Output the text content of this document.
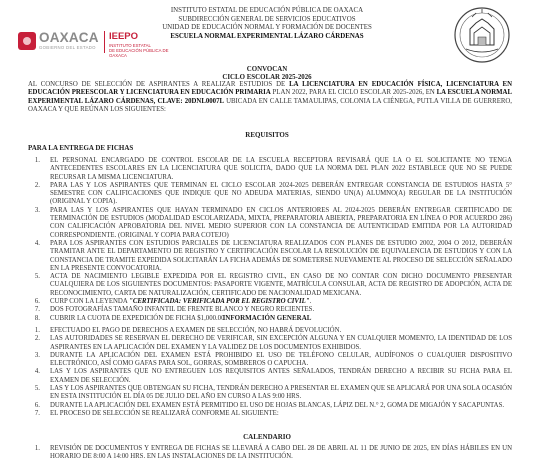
OAXACA
GOBIERNO DEL ESTADO
IEEPO
INSTITUTO ESTATAL
DE EDUCACIÓN PÚBLICA DE OAXACA
INSTITUTO ESTATAL DE EDUCACIÓN PÚBLICA DE OAXACA
SUBDIRECCIÓN GENERAL DE SERVICIOS EDUCATIVOS
UNIDAD DE EDUCACIÓN NORMAL Y FORMACIÓN DE DOCENTES
ESCUELA NORMAL EXPERIMENTAL LÁZARO CÁRDENAS
CONVOCAN
CICLO ESCOLAR 2025-2026
AL CONCURSO DE SELECCIÓN DE ASPIRANTES A REALIZAR ESTUDIOS DE LA LICENCIATURA EN EDUCACIÓN FÍSICA, LICENCIATURA EN EDUCACIÓN PREESCOLAR Y LICENCIATURA EN EDUCACIÓN PRIMARIA PLAN 2022, PARA EL CICLO ESCOLAR 2025-2026, EN LA ESCUELA NORMAL EXPERIMENTAL LÁZARO CÁRDENAS, CLAVE: 20DNL0007L UBICADA EN CALLE TAMAULIPAS, COLONIA LA CIÉNEGA, PUTLA VILLA DE GUERRERO, OAXACA Y QUE REÚNAN LOS SIGUIENTES:
REQUISITOS
PARA LA ENTREGA DE FICHAS
1. EL PERSONAL ENCARGADO DE CONTROL ESCOLAR DE LA ESCUELA RECEPTORA REVISARÁ QUE LA O EL SOLICITANTE NO TENGA ANTECEDENTES ESCOLARES EN LA LICENCIATURA QUE SOLICITA, DADO QUE LA NORMA DEL PLAN 2022 ESTABLECE QUE NO SE PUEDE RECURSAR LA MISMA LICENCIATURA.
2. PARA LAS Y LOS ASPIRANTES QUE TERMINAN EL CICLO ESCOLAR 2024-2025 DEBERÁN ENTREGAR CONSTANCIA DE ESTUDIOS HASTA 5° SEMESTRE CON CALIFICACIONES QUE INDIQUE QUE NO ADEUDA MATERIAS, SIENDO UN(A) ALUMNO(A) REGULAR DE LA INSTITUCIÓN (ORIGINAL Y COPIA).
3. PARA LAS Y LOS ASPIRANTES QUE HAYAN TERMINADO EN CICLOS ANTERIORES AL 2024-2025 DEBERÁN ENTREGAR CERTIFICADO DE TERMINACIÓN DE ESTUDIOS (MODALIDAD ESCOLARIZADA, MIXTA, PREPARATORIA ABIERTA, PREPARATORIA EN LÍNEA O POR ACUERDO 286) CON CALIFICACIÓN APROBATORIA DEL NIVEL MEDIO SUPERIOR CON LA CONSTANCIA DE AUTENTICIDAD EMITIDA POR LA AUTORIDAD CORRESPONDIENTE. (ORIGINAL Y COPIA PARA COTEJO)
4. PARA LOS ASPIRANTES CON ESTUDIOS PARCIALES DE LICENCIATURA REALIZADOS CON PLANES DE ESTUDIO 2002, 2004 O 2012, DEBERÁN TRAMITAR ANTE EL DEPARTAMENTO DE REGISTRO Y CERTIFICACIÓN ESCOLAR LA RESOLUCIÓN DE EQUIVALENCIA DE ESTUDIOS Y CON LA CONSTANCIA DE TRAMITE EXPEDIDA SOLICITARÁN LA FICHA ADEMÁS DE SOMETERSE NUEVAMENTE AL PROCESO DE SELECCIÓN SEÑALADO EN LA PRESENTE CONVOCATORIA.
5. ACTA DE NACIMIENTO LEGIBLE EXPEDIDA POR EL REGISTRO CIVIL, EN CASO DE NO CONTAR CON DICHO DOCUMENTO PRESENTAR CUALQUIERA DE LOS SIGUIENTES DOCUMENTOS: PASAPORTE VIGENTE, MATRÍCULA CONSULAR, ACTA DE REGISTRO DE ADOPCIÓN, ACTA DE RECONOCIMIENTO, CARTA DE NATURALIZACIÓN, CERTIFICADO DE NACIONALIDAD MEXICANA.
6. CURP CON LA LEYENDA "CERTIFICADA: VERIFICADA POR EL REGISTRO CIVIL".
7. DOS FOTOGRAFÍAS TAMAÑO INFANTIL DE FRENTE BLANCO Y NEGRO RECIENTES.
8. CUBRIR LA CUOTA DE EXPEDICIÓN DE FICHA $1,000.00
INFORMACIÓN GENERAL
1. EFECTUADO EL PAGO DE DERECHOS A EXAMEN DE SELECCIÓN, NO HABRÁ DEVOLUCIÓN.
2. LAS AUTORIDADES SE RESERVAN EL DERECHO DE VERIFICAR, SIN EXCEPCIÓN ALGUNA Y EN CUALQUIER MOMENTO, LA IDENTIDAD DE LOS ASPIRANTES EN LA APLICACIÓN DEL EXAMEN Y LA VALIDEZ DE LOS DOCUMENTOS EXHIBIDOS.
3. DURANTE LA APLICACIÓN DEL EXAMEN ESTÁ PROHIBIDO EL USO DE TELÉFONO CELULAR, AUDÍFONOS O CUALQUIER DISPOSITIVO ELECTRÓNICO, ASÍ COMO GAFAS PARA SOL, GORRAS, SOMBREROS O CAPUCHA.
4. LAS Y LOS ASPIRANTES QUE NO ENTREGUEN LOS REQUISITOS ANTES SEÑALADOS, TENDRÁN DERECHO A RECIBIR SU FICHA PARA EL EXAMEN DE SELECCIÓN.
5. LAS Y LOS ASPIRANTES QUE OBTENGAN SU FICHA, TENDRÁN DERECHO A PRESENTAR EL EXAMEN QUE SE APLICARÁ POR UNA SOLA OCASIÓN EN ESTA INSTITUCIÓN EL DÍA 05 DE JULIO DEL AÑO EN CURSO A LAS 9:00 HRS.
6. DURANTE LA APLICACIÓN DEL EXAMEN ESTÁ PERMITIDO EL USO DE HOJAS BLANCAS, LÁPIZ DEL N.° 2, GOMA DE MIGAJÓN Y SACAPUNTAS.
7. EL PROCESO DE SELECCIÓN SE REALIZARÁ CONFORME AL SIGUIENTE:
CALENDARIO
1. REVISIÓN DE DOCUMENTOS Y ENTREGA DE FICHAS SE LLEVARÁ A CABO DEL 28 DE ABRIL AL 11 DE JUNIO DE 2025, EN DÍAS HÁBILES EN UN HORARIO DE 8:00 A 14:00 HRS. EN LAS INSTALACIONES DE LA INSTITUCIÓN.
